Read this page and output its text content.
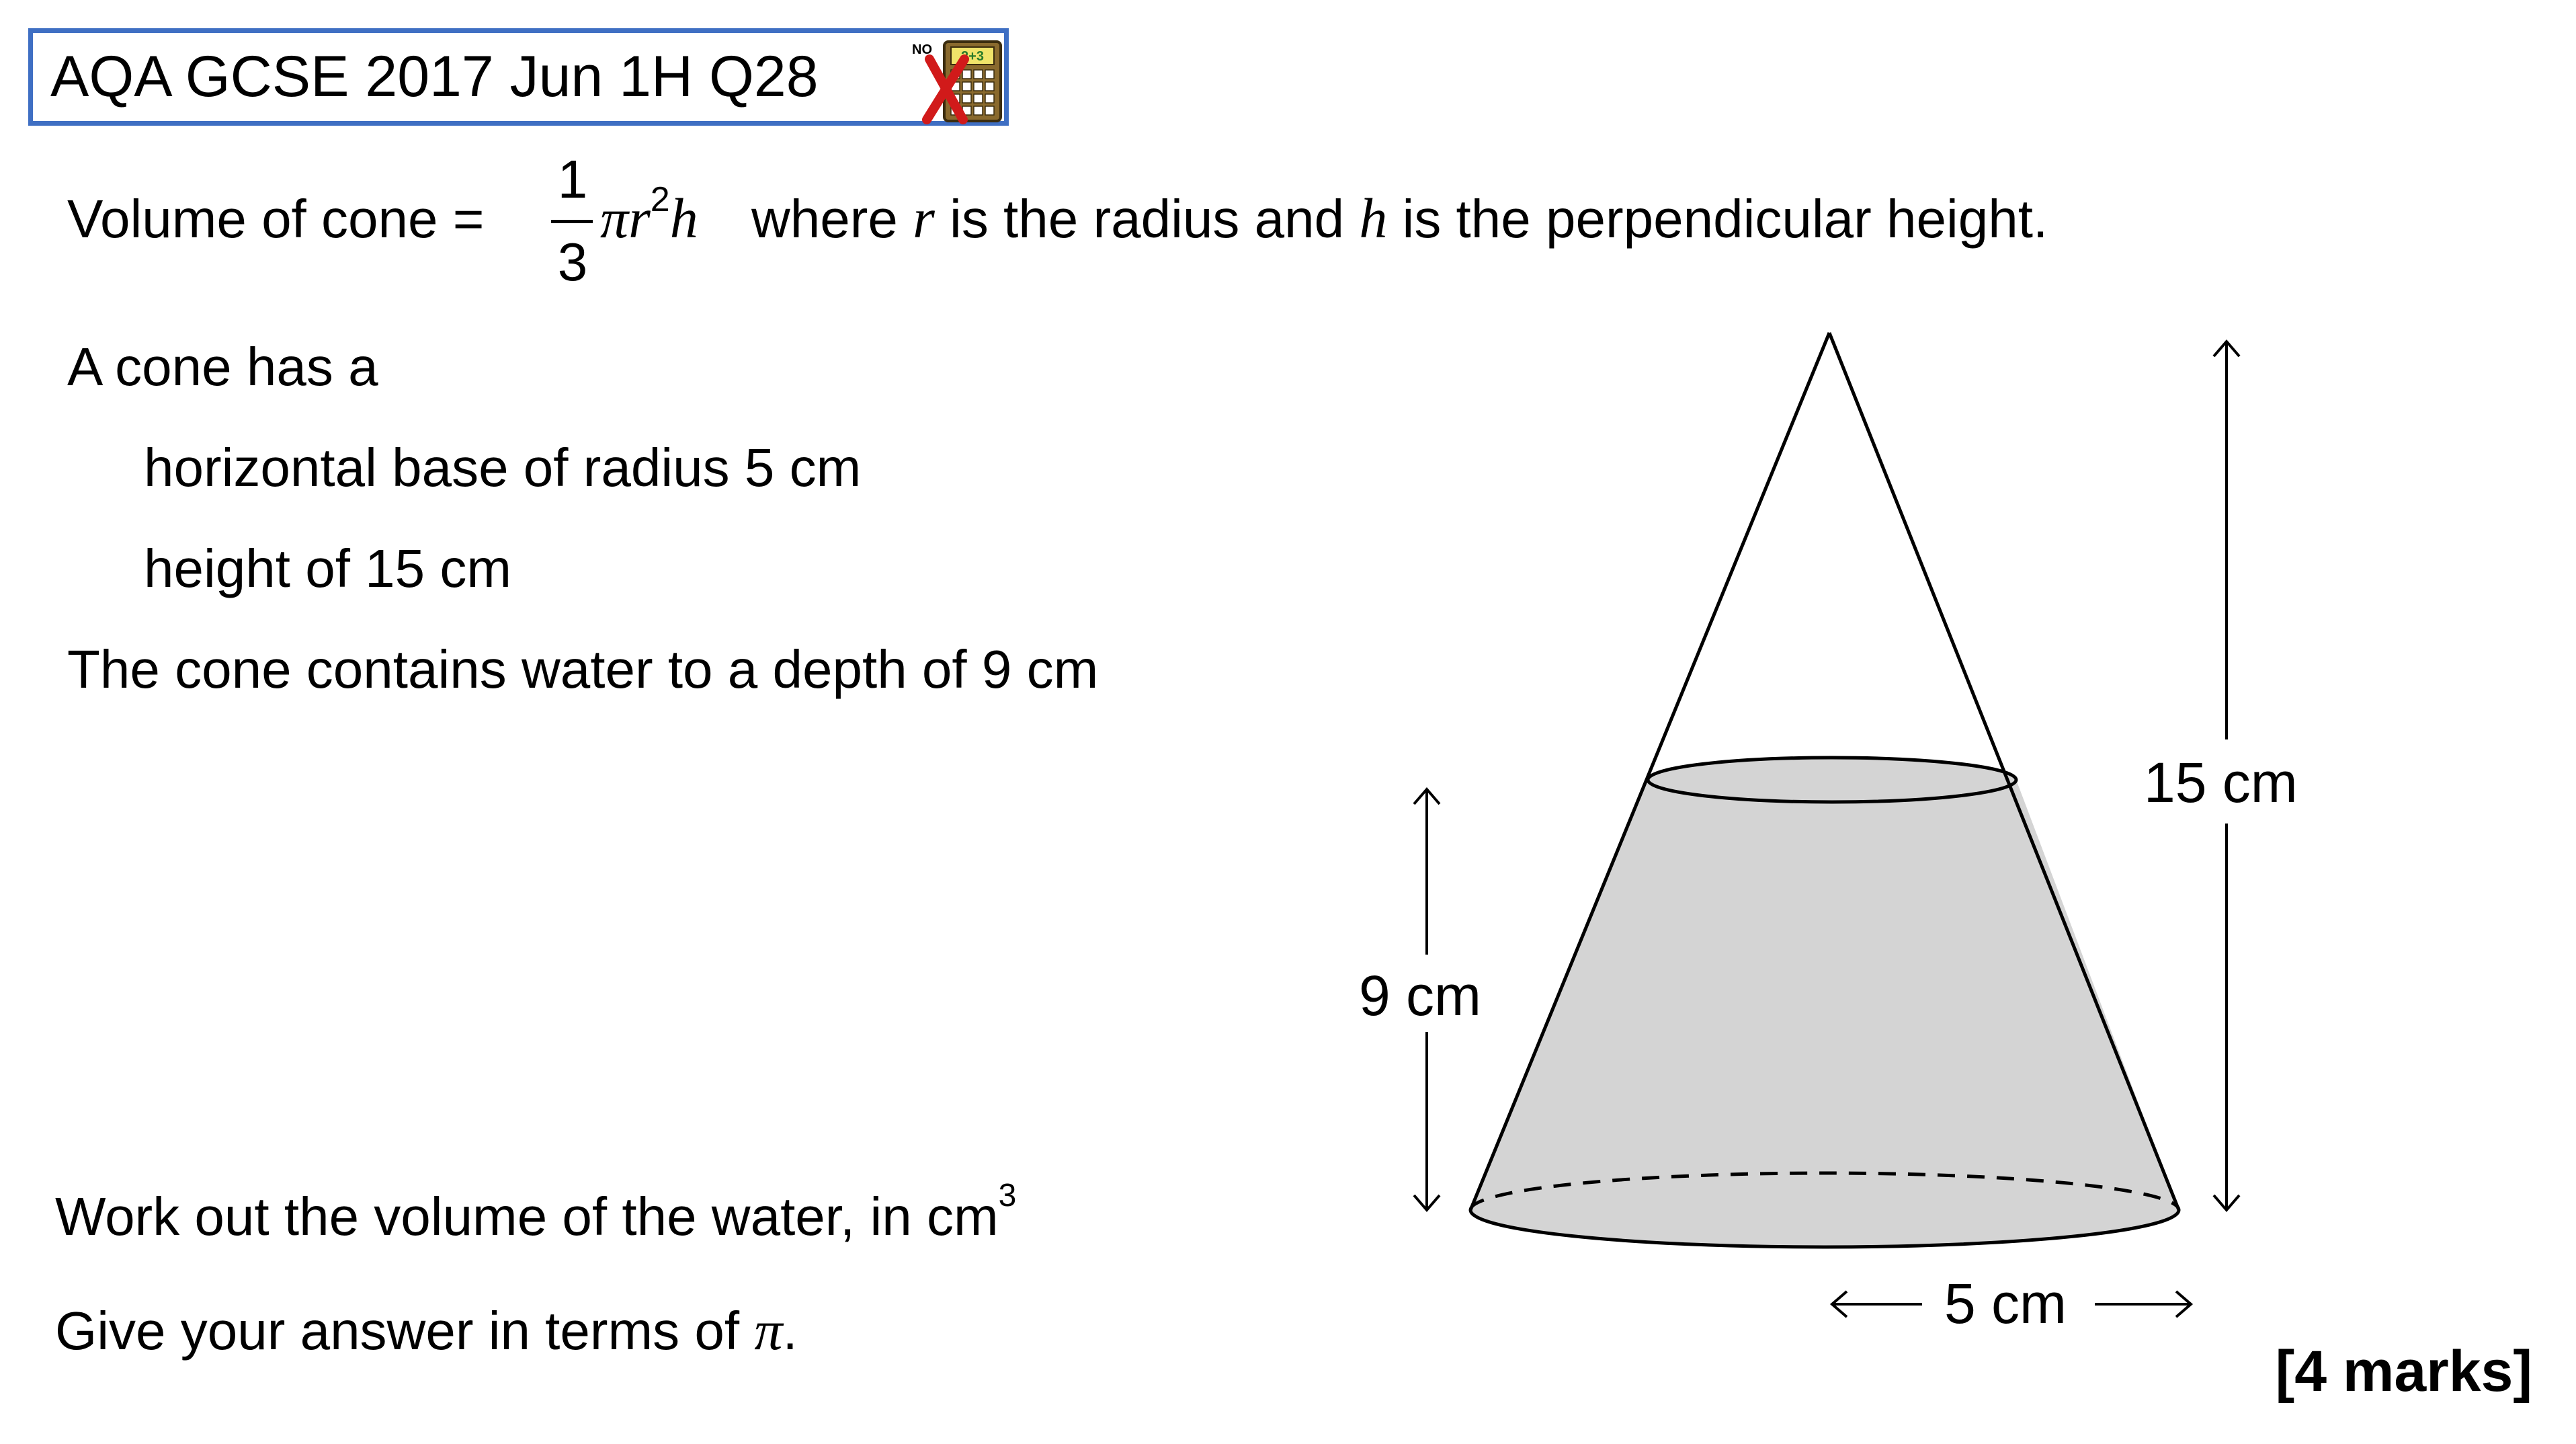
AQA GCSE 2017 Jun 1H Q28	2+3
NO
Volume of cone =
1
3
$\pi r^2h$ where r is the radius and h is the perpendicular height.
A cone has a
horizontal base of radius 5 cm
height of 15 cm
The cone contains water to a depth of 9 cm
Work out the volume of the water, in $cm^3$
Give your answer in terms of π.
[4 marks]
15 cm
9 cm
5 cm
